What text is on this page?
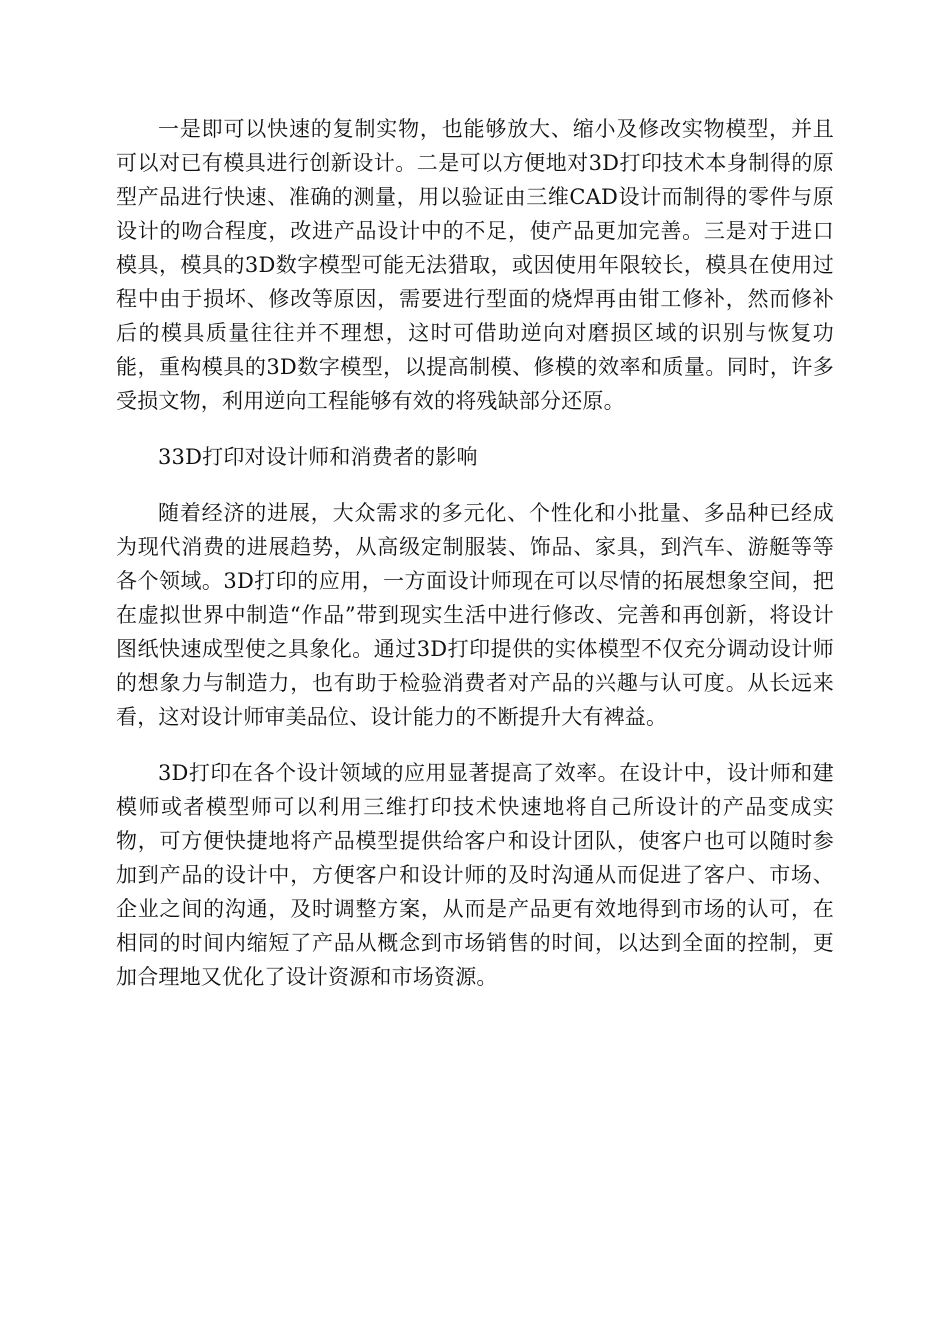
一是即可以快速的复制实物，也能够放大、缩小及修改实物模型，并且可以对已有模具进行创新设计。二是可以方便地对3D打印技术本身制得的原型产品进行快速、准确的测量，用以验证由三维CAD设计而制得的零件与原设计的吻合程度，改进产品设计中的不足，使产品更加完善。三是对于进口模具，模具的3D数字模型可能无法猎取，或因使用年限较长，模具在使用过程中由于损坏、修改等原因，需要进行型面的烧焊再由钳工修补，然而修补后的模具质量往往并不理想，这时可借助逆向对磨损区域的识别与恢复功能，重构模具的3D数字模型，以提高制模、修模的效率和质量。同时，许多受损文物，利用逆向工程能够有效的将残缺部分还原。

33D打印对设计师和消费者的影响

随着经济的进展，大众需求的多元化、个性化和小批量、多品种已经成为现代消费的进展趋势，从高级定制服装、饰品、家具，到汽车、游艇等等各个领域。3D打印的应用，一方面设计师现在可以尽情的拓展想象空间，把在虚拟世界中制造“作品”带到现实生活中进行修改、完善和再创新，将设计图纸快速成型使之具象化。通过3D打印提供的实体模型不仅充分调动设计师的想象力与制造力，也有助于检验消费者对产品的兴趣与认可度。从长远来看，这对设计师审美品位、设计能力的不断提升大有裨益。

3D打印在各个设计领域的应用显著提高了效率。在设计中，设计师和建模师或者模型师可以利用三维打印技术快速地将自己所设计的产品变成实物，可方便快捷地将产品模型提供给客户和设计团队，使客户也可以随时参加到产品的设计中，方便客户和设计师的及时沟通从而促进了客户、市场、企业之间的沟通，及时调整方案，从而是产品更有效地得到市场的认可，在相同的时间内缩短了产品从概念到市场销售的时间，以达到全面的控制，更加合理地又优化了设计资源和市场资源。
